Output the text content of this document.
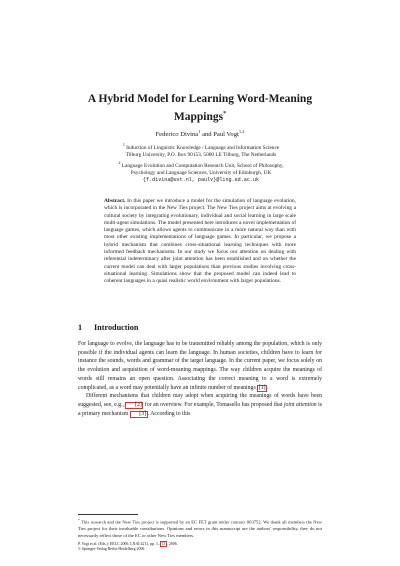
A Hybrid Model for Learning Word-Meaning
Mappings*
Federico Divina$^1$ and Paul Vogt$^{1,2}$
$^1$ Induction of Linguistic Knowledge / Language and Information Science
Tilburg University, P.O. Box 90153, 5000 LE Tilburg, The Netherlands
$^2$ Language Evolution and Computation Research Unit, School of Philosophy,
Psychology and Language Sciences, University of Edinburgh, UK
{f.divina@uvt.nl, paulv}@ling.ed.ac.uk

Abstract. In this paper we introduce a model for the simulation of language evolution, which is incorporated in the New Ties project. The New Ties project aims at evolving a cultural society by integrating evolutionary, individual and social learning in large scale multi-agent simulations. The model presented here introduces a novel implementation of language games, which allows agents to communicate in a more natural way than with most other existing implementations of language games. In particular, we propose a hybrid mechanism that combines cross-situational learning techniques with more informed feedback mechanisms. In our study we focus our attention on dealing with referential indeterminacy after joint attention has been established and on whether the current model can deal with larger populations than previous studies involving cross-situational learning. Simulations show that the proposed model can indeed lead to coherent languages in a quasi realistic world environment with larger populations.

1 Introduction

For language to evolve, the language has to be transmitted reliably among the population, which is only possible if the individual agents can learn the language. In human societies, children have to learn for instance the sounds, words and grammar of the target language. In the current paper, we focus solely on the evolution and acquisition of word-meaning mappings. The way children acquire the meanings of words still remains an open question. Associating the correct meaning to a word is extremely complicated, as a word may potentially have an infinite number of meanings [1] .

Different mechanisms that children may adopt when acquiring the meanings of words have been suggested, see, e.g., [2] for an overview. For example, Tomasello has proposed that joint attention is a primary mechanism [3] . According to this

* This research and the New Ties project is supported by an EC FET grant under contract 003752. We thank all members the New Ties project for their invaluable contributions. Opinions and errors in this manuscript are the authors' responsibility, they do not necessarily reflect those of the EC or other New Ties members.

P. Vogt et al. (Eds.): EELC 2006, LNAI 4211, pp. 1– 15 , 2006.
© Springer-Verlag Berlin Heidelberg 2006
